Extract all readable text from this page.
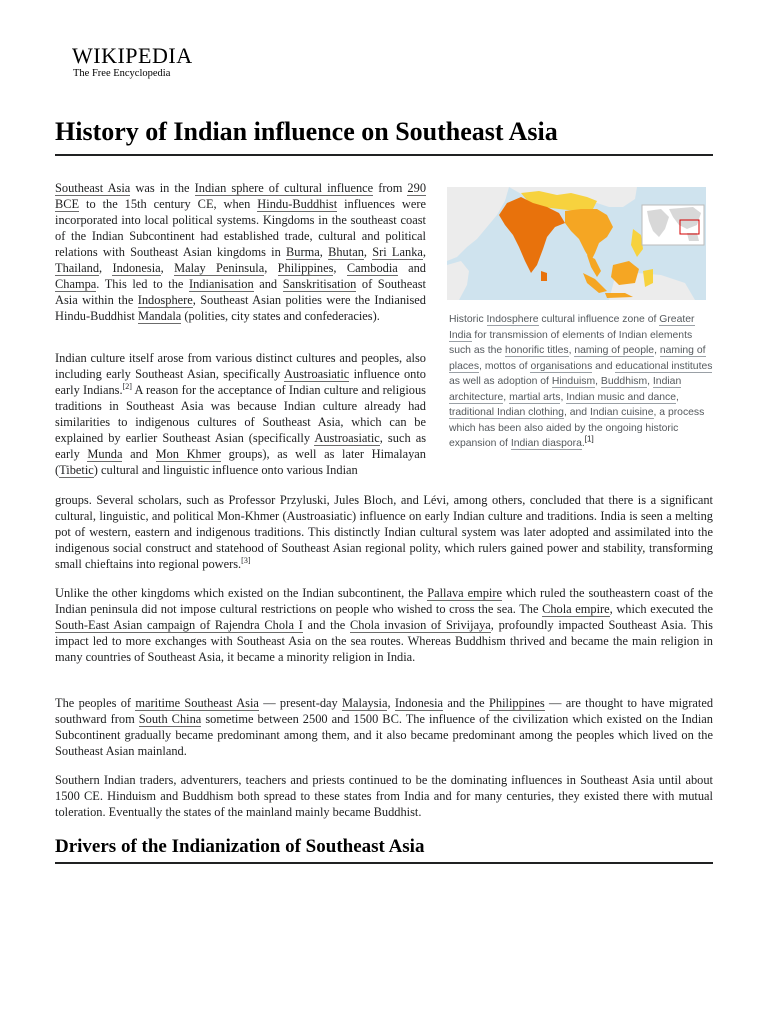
WIKIPEDIA
The Free Encyclopedia
History of Indian influence on Southeast Asia

Southeast Asia was in the Indian sphere of cultural influence from 290 BCE to the 15th century CE, when Hindu-Buddhist influences were incorporated into local political systems. Kingdoms in the southeast coast of the Indian Subcontinent had established trade, cultural and political relations with Southeast Asian kingdoms in Burma, Bhutan, Sri Lanka, Thailand, Indonesia, Malay Peninsula, Philippines, Cambodia and Champa. This led to the Indianisation and Sanskritisation of Southeast Asia within the Indosphere, Southeast Asian polities were the Indianised Hindu-Buddhist Mandala (polities, city states and confederacies).

Indian culture itself arose from various distinct cultures and peoples, also including early Southeast Asian, specifically Austroasiatic influence onto early Indians.[2] A reason for the acceptance of Indian culture and religious traditions in Southeast Asia was because Indian culture already had similarities to indigenous cultures of Southeast Asia, which can be explained by earlier Southeast Asian (specifically Austroasiatic, such as early Munda and Mon Khmer groups), as well as later Himalayan (Tibetic) cultural and linguistic influence onto various Indian

groups. Several scholars, such as Professor Przyluski, Jules Bloch, and Lévi, among others, concluded that there is a significant cultural, linguistic, and political Mon-Khmer (Austroasiatic) influence on early Indian culture and traditions. India is seen a melting pot of western, eastern and indigenous traditions. This distinctly Indian cultural system was later adopted and assimilated into the indigenous social construct and statehood of Southeast Asian regional polity, which rulers gained power and stability, transforming small chieftains into regional powers.[3]

Unlike the other kingdoms which existed on the Indian subcontinent, the Pallava empire which ruled the southeastern coast of the Indian peninsula did not impose cultural restrictions on people who wished to cross the sea. The Chola empire, which executed the South-East Asian campaign of Rajendra Chola I and the Chola invasion of Srivijaya, profoundly impacted Southeast Asia. This impact led to more exchanges with Southeast Asia on the sea routes. Whereas Buddhism thrived and became the main religion in many countries of Southeast Asia, it became a minority religion in India.

The peoples of maritime Southeast Asia — present-day Malaysia, Indonesia and the Philippines — are thought to have migrated southward from South China sometime between 2500 and 1500 BC. The influence of the civilization which existed on the Indian Subcontinent gradually became predominant among them, and it also became predominant among the peoples which lived on the Southeast Asian mainland.

Southern Indian traders, adventurers, teachers and priests continued to be the dominating influences in Southeast Asia until about 1500 CE. Hinduism and Buddhism both spread to these states from India and for many centuries, they existed there with mutual toleration. Eventually the states of the mainland mainly became Buddhist.

Drivers of the Indianization of Southeast Asia
Historic Indosphere cultural influence zone of Greater India for transmission of elements of Indian elements such as the honorific titles, naming of people, naming of places, mottos of organisations and educational institutes as well as adoption of Hinduism, Buddhism, Indian architecture, martial arts, Indian music and dance, traditional Indian clothing, and Indian cuisine, a process which has been also aided by the ongoing historic expansion of Indian diaspora.[1]
